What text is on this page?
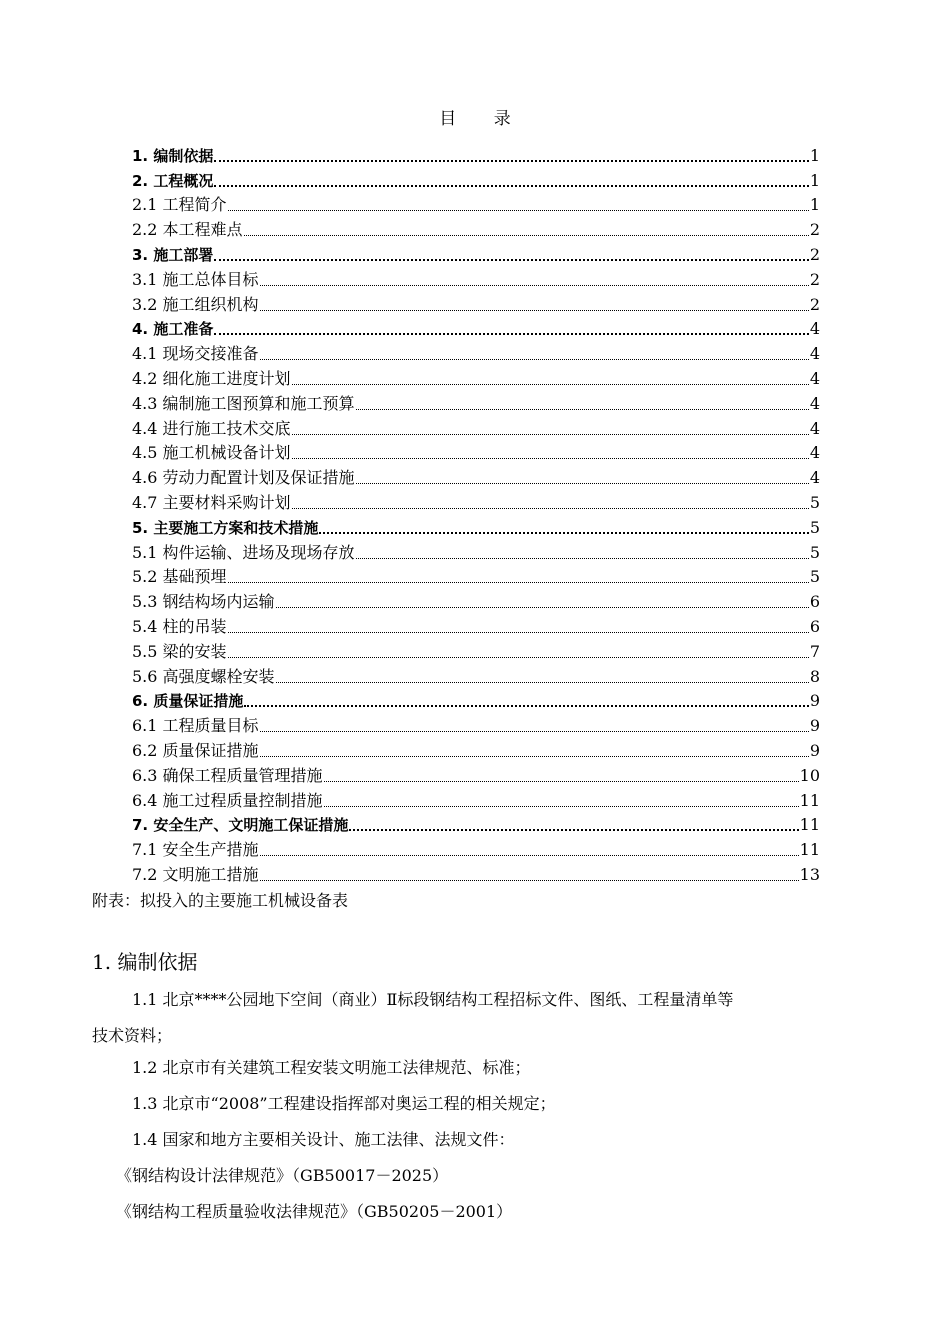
目 录
1. 编制依据	1
2. 工程概况	1
2.1 工程简介	1
2.2 本工程难点	2
3. 施工部署	2
3.1 施工总体目标	2
3.2 施工组织机构	2
4. 施工准备	4
4.1 现场交接准备	4
4.2 细化施工进度计划	4
4.3 编制施工图预算和施工预算	4
4.4 进行施工技术交底	4
4.5 施工机械设备计划	4
4.6 劳动力配置计划及保证措施	4
4.7 主要材料采购计划	5
5. 主要施工方案和技术措施	5
5.1 构件运输、进场及现场存放	5
5.2 基础预埋	5
5.3 钢结构场内运输	6
5.4 柱的吊装	6
5.5 梁的安装	7
5.6 高强度螺栓安装	8
6. 质量保证措施	9
6.1 工程质量目标	9
6.2 质量保证措施	9
6.3 确保工程质量管理措施	10
6.4 施工过程质量控制措施	11
7. 安全生产、文明施工保证措施	11
7.1 安全生产措施	11
7.2 文明施工措施	13
附表：拟投入的主要施工机械设备表
1. 编制依据
1.1 北京****公园地下空间（商业）Ⅱ标段钢结构工程招标文件、图纸、工程量清单等
技术资料；
1.2 北京市有关建筑工程安装文明施工法律规范、标准；
1.3 北京市“2008”工程建设指挥部对奥运工程的相关规定；
1.4 国家和地方主要相关设计、施工法律、法规文件：
《钢结构设计法律规范》（GB50017－2025）
《钢结构工程质量验收法律规范》（GB50205－2001）
